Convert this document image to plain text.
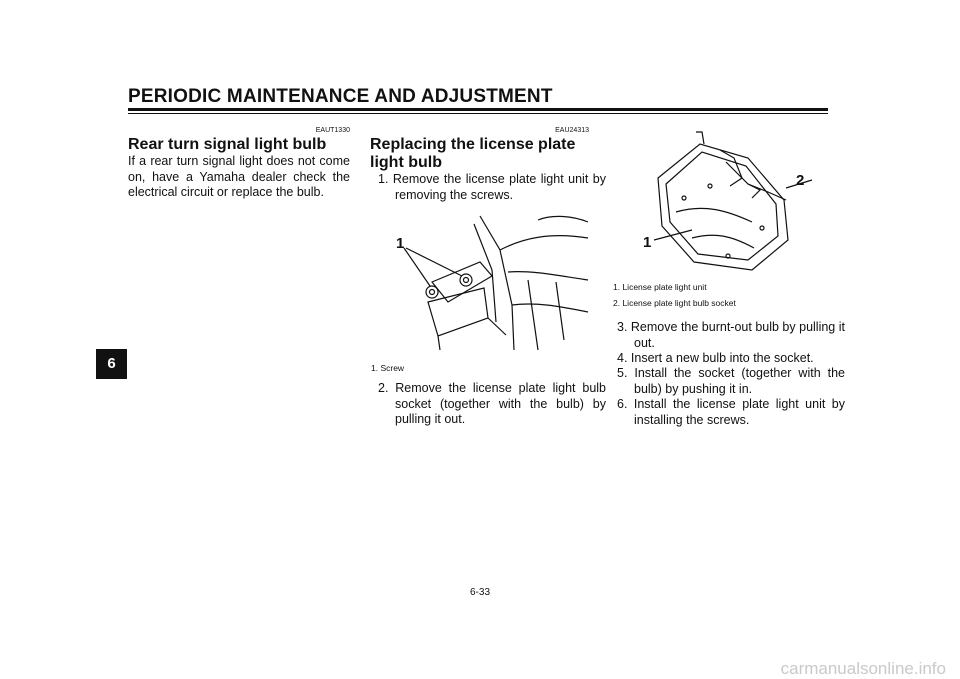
PERIODIC MAINTENANCE AND ADJUSTMENT
6
EAUT1330
Rear turn signal light bulb
If a rear turn signal light does not come on, have a Yamaha dealer check the electrical circuit or replace the bulb.
EAU24313
Replacing the license plate
light bulb
1. Remove the license plate light unit by removing the screws.
1
1. Screw
2. Remove the license plate light bulb socket (together with the bulb) by pulling it out.
2
1
1. License plate light unit
2. License plate light bulb socket
3. Remove the burnt-out bulb by pulling it out.
4. Insert a new bulb into the socket.
5. Install the socket (together with the bulb) by pushing it in.
6. Install the license plate light unit by installing the screws.
6-33
carmanualsonline.info
